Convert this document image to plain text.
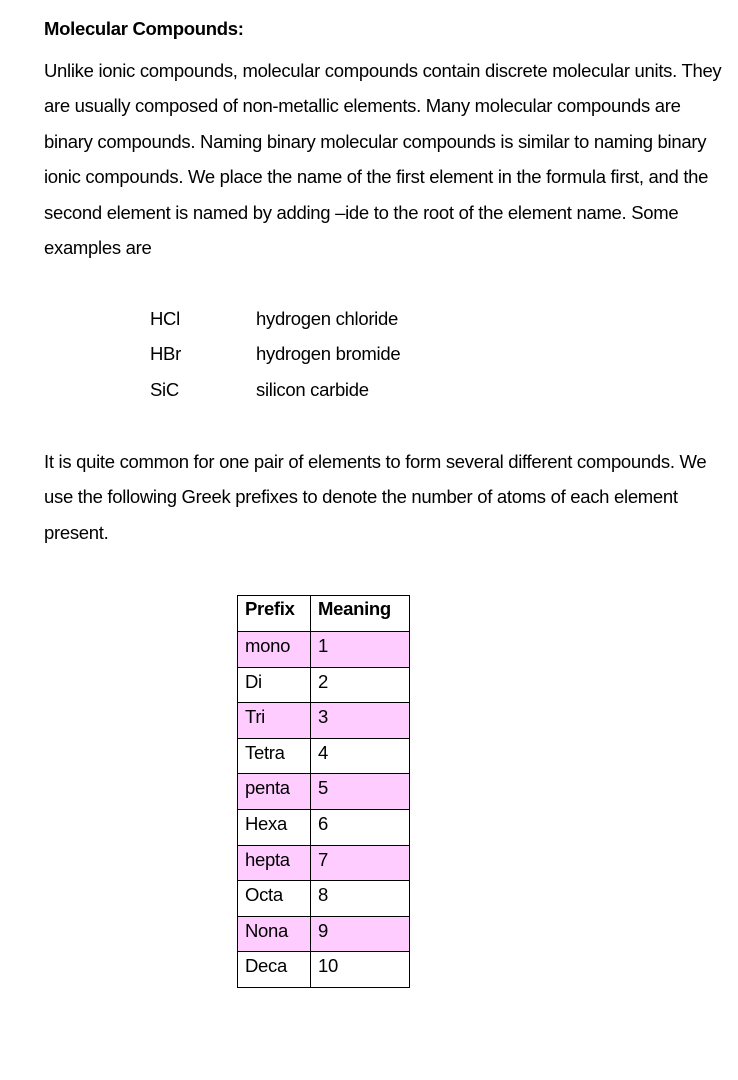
Molecular Compounds:
Unlike ionic compounds, molecular compounds contain discrete molecular units. They are usually composed of non-metallic elements. Many molecular compounds are binary compounds. Naming binary molecular compounds is similar to naming binary ionic compounds. We place the name of the first element in the formula first, and the second element is named by adding –ide to the root of the element name. Some examples are
HCl	hydrogen chloride
HBr	hydrogen bromide
SiC	silicon carbide
It is quite common for one pair of elements to form several different compounds. We use the following Greek prefixes to denote the number of atoms of each element present.
Prefix	Meaning
mono	1
Di	2
Tri	3
Tetra	4
penta	5
Hexa	6
hepta	7
Octa	8
Nona	9
Deca	10
